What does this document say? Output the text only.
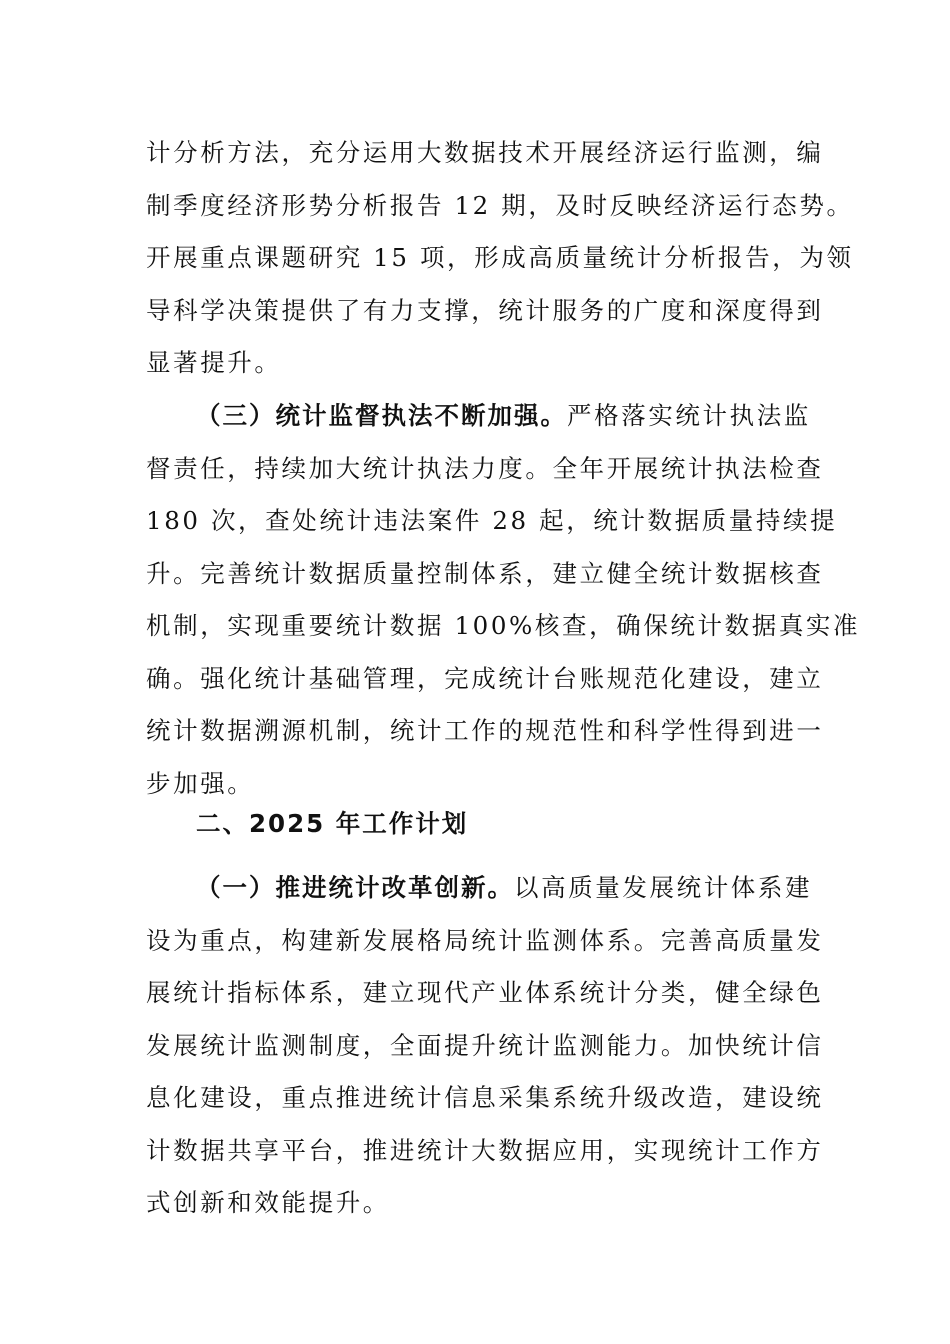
计分析方法，充分运用大数据技术开展经济运行监测，编
制季度经济形势分析报告 12 期，及时反映经济运行态势。
开展重点课题研究 15 项，形成高质量统计分析报告，为领
导科学决策提供了有力支撑，统计服务的广度和深度得到
显著提升。
（三）统计监督执法不断加强。严格落实统计执法监
督责任，持续加大统计执法力度。全年开展统计执法检查
180 次，查处统计违法案件 28 起，统计数据质量持续提
升。完善统计数据质量控制体系，建立健全统计数据核查
机制，实现重要统计数据 100%核查，确保统计数据真实准
确。强化统计基础管理，完成统计台账规范化建设，建立
统计数据溯源机制，统计工作的规范性和科学性得到进一
步加强。
二、2025 年工作计划
（一）推进统计改革创新。以高质量发展统计体系建
设为重点，构建新发展格局统计监测体系。完善高质量发
展统计指标体系，建立现代产业体系统计分类，健全绿色
发展统计监测制度，全面提升统计监测能力。加快统计信
息化建设，重点推进统计信息采集系统升级改造，建设统
计数据共享平台，推进统计大数据应用，实现统计工作方
式创新和效能提升。
